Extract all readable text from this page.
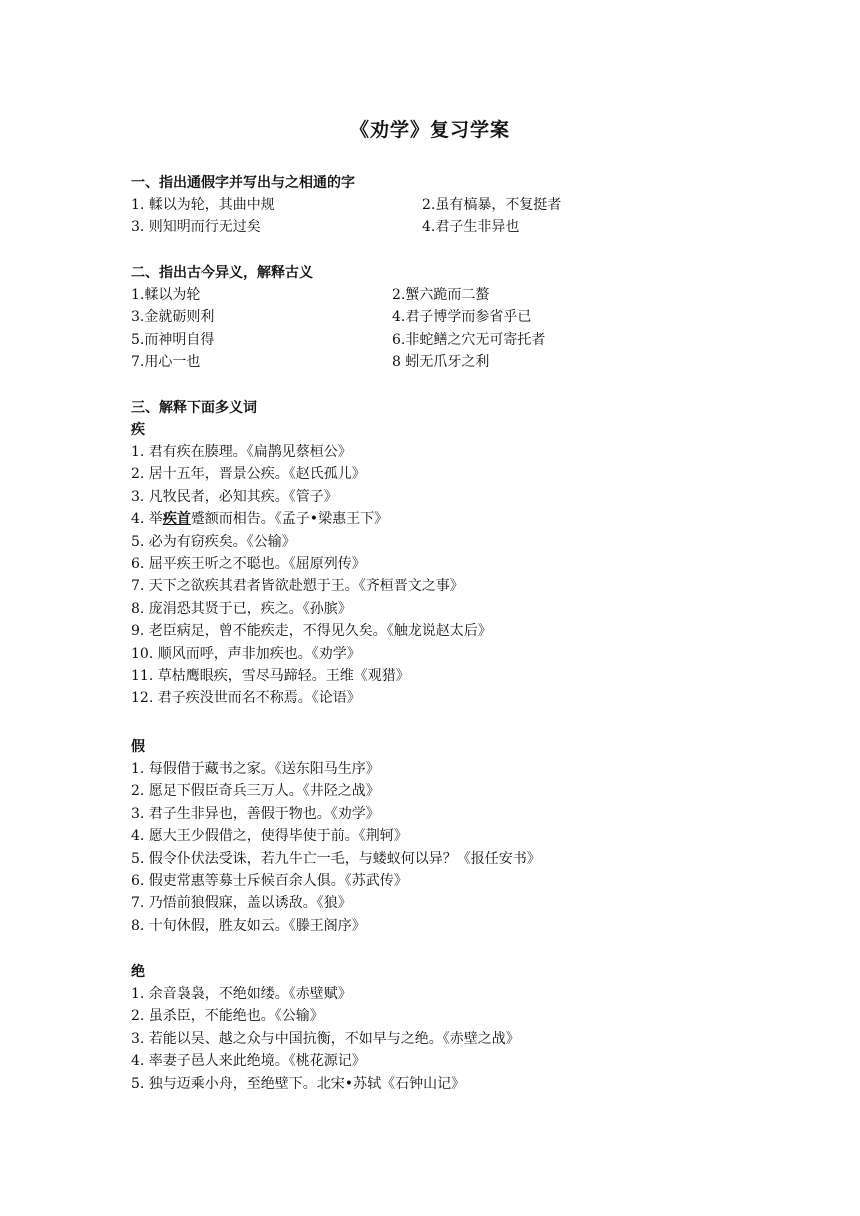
《劝学》复习学案
一、指出通假字并写出与之相通的字
1. 輮以为轮，其曲中规	2.虽有槁暴，不复挺者
3. 则知明而行无过矣	4.君子生非异也
二、指出古今异义，解释古义
1.輮以为轮	2.蟹六跪而二螯
3.金就砺则利	4.君子博学而参省乎已
5.而神明自得	6.非蛇鳝之穴无可寄托者
7.用心一也	8 蚓无爪牙之利
三、解释下面多义词
疾
1. 君有疾在腠理。《扁鹊见蔡桓公》
2. 居十五年，晋景公疾。《赵氏孤儿》
3. 凡牧民者，必知其疾。《管子》
4. 举疾首蹙额而相告。《孟子•梁惠王下》
5. 必为有窃疾矣。《公输》
6. 屈平疾王听之不聪也。《屈原列传》
7. 天下之欲疾其君者皆欲赴愬于王。《齐桓晋文之事》
8. 庞涓恐其贤于已，疾之。《孙膑》
9. 老臣病足，曾不能疾走，不得见久矣。《触龙说赵太后》
10. 顺风而呼，声非加疾也。《劝学》
11. 草枯鹰眼疾，雪尽马蹄轻。王维《观猎》
12. 君子疾没世而名不称焉。《论语》
假
1. 每假借于藏书之家。《送东阳马生序》
2. 愿足下假臣奇兵三万人。《井陉之战》
3. 君子生非异也，善假于物也。《劝学》
4. 愿大王少假借之，使得毕使于前。《荆轲》
5. 假令仆伏法受诛，若九牛亡一毛，与蝼蚁何以异？《报任安书》
6. 假吏常惠等募士斥候百余人俱。《苏武传》
7. 乃悟前狼假寐，盖以诱敌。《狼》
8. 十旬休假，胜友如云。《滕王阁序》
绝
1. 余音袅袅，不绝如缕。《赤壁赋》
2. 虽杀臣，不能绝也。《公输》
3. 若能以吴、越之众与中国抗衡，不如早与之绝。《赤壁之战》
4. 率妻子邑人来此绝境。《桃花源记》
5. 独与迈乘小舟，至绝壁下。北宋•苏轼《石钟山记》
